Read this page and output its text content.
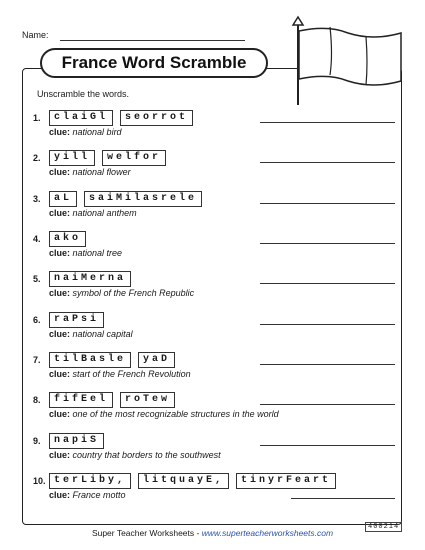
Name:
France Word Scramble
Unscramble the words.
1.	claiGl	seorrot
clue: national bird
2.	yill	welfor
clue: national flower
3.	aL	saiMilasrele
clue: national anthem
4.	ako
clue: national tree
5.	naiMerna
clue: symbol of the French Republic
6.	raPsi
clue: national capital
7.	tilBasle	yaD
clue: start of the French Revolution
8.	fifEel	roTew
clue: one of the most recognizable structures in the world
9.	napiS
clue: country that borders to the southwest
10. terLiby,	litquayE,	tinyrFeart
clue: France motto
Super Teacher Worksheets - www.superteacherworksheets.com
400214
